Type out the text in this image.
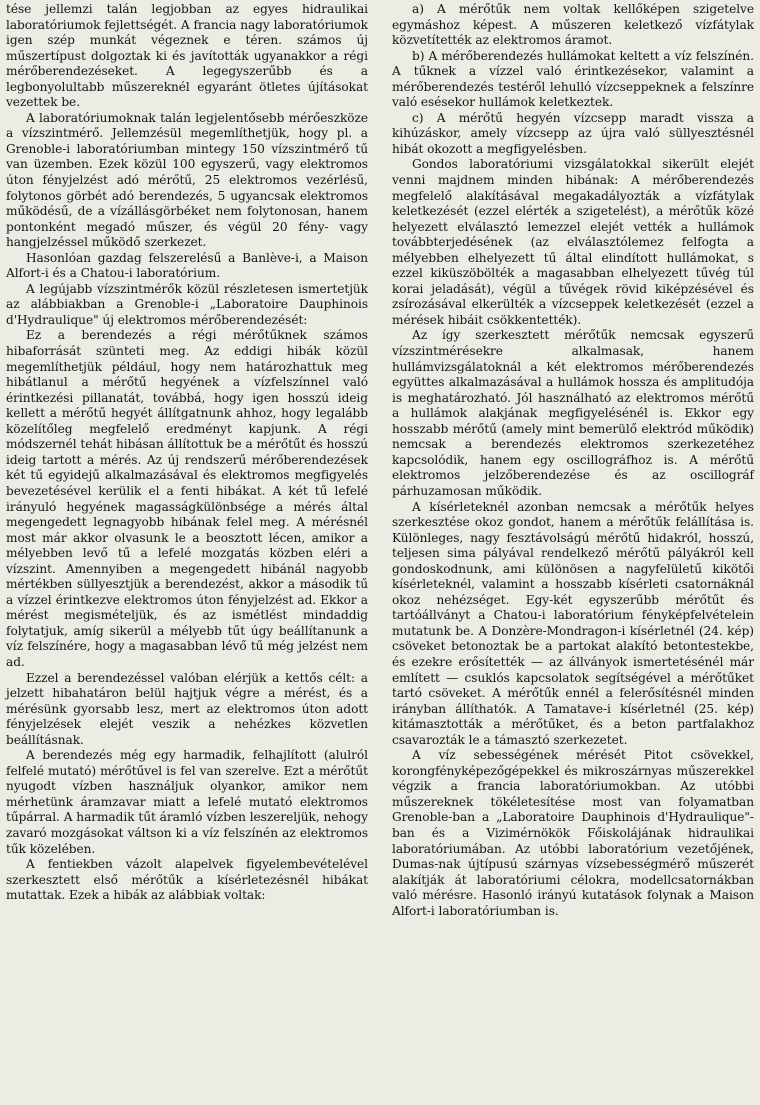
tése jellemzi talán legjobban az egyes hidraulikai laboratóriumok fejlettségét. A francia nagy laboratóriumok igen szép munkát végeznek e téren. számos új műszertípust dolgoztak ki és javították ugyanakkor a régi mérőberendezéseket. A legegyszerűbb és a legbonyolultabb műszereknél egyaránt ötletes újításokat vezettek be.

A laboratóriumoknak talán legjelentősebb mérőeszköze a vízszintmérő. Jellemzésül megemlíthetjük, hogy pl. a Grenoble-i laboratóriumban mintegy 150 vízszintmérő tű van üzemben. Ezek közül 100 egyszerű, vagy elektromos úton fényjelzést adó mérőtű, 25 elektromos vezérlésű, folytonos görbét adó berendezés, 5 ugyancsak elektromos működésű, de a vízállásgörbéket nem folytonosan, hanem pontonként megadó műszer, és végül 20 fény- vagy hangjelzéssel működő szerkezet.

Hasonlóan gazdag felszerelésű a Banlève-i, a Maison Alfort-i és a Chatou-i laboratórium.

A legújabb vízszintmérők közül részletesen ismertetjük az alábbiakban a Grenoble-i „Laboratoire Dauphinois d'Hydraulique" új elektromos mérőberendezését:

Ez a berendezés a régi mérőtűknek számos hibaforrását szünteti meg. Az eddigi hibák közül megemlíthetjük például, hogy nem határozhattuk meg hibátlanul a mérőtű hegyének a vízfelszínnel való érintkezési pillanatát, továbbá, hogy igen hosszú ideig kellett a mérőtű hegyét állítgatnunk ahhoz, hogy legalább közelítőleg megfelelő eredményt kapjunk. A régi módszernél tehát hibásan állítottuk be a mérőtűt és hosszú ideig tartott a mérés. Az új rendszerű mérőberendezések két tű egyidejű alkalmazásával és elektromos megfigyelés bevezetésével kerülik el a fenti hibákat. A két tű lefelé irányuló hegyének magasságkülönbsége a mérés által megengedett legnagyobb hibának felel meg. A mérésnél most már akkor olvasunk le a beosztott lécen, amikor a mélyebben levő tű a lefelé mozgatás közben eléri a vízszint. Amennyiben a megengedett hibánál nagyobb mértékben süllyesztjük a berendezést, akkor a második tű a vízzel érintkezve elektromos úton fényjelzést ad. Ekkor a mérést megismételjük, és az ismétlést mindaddig folytatjuk, amíg sikerül a mélyebb tűt úgy beállítanunk a víz felszínére, hogy a magasabban lévő tű még jelzést nem ad.

Ezzel a berendezéssel valóban elérjük a kettős célt: a jelzett hibahatáron belül hajtjuk végre a mérést, és a mérésünk gyorsabb lesz, mert az elektromos úton adott fényjelzések elejét veszik a nehézkes közvetlen beállításnak.

A berendezés még egy harmadik, felhajlított (alulról felfelé mutató) mérőtűvel is fel van szerelve. Ezt a mérőtűt nyugodt vízben használjuk olyankor, amikor nem mérhetünk áramzavar miatt a lefelé mutató elektromos tűpárral. A harmadik tűt áramló vízben leszereljük, nehogy zavaró mozgásokat váltson ki a víz felszínén az elektromos tűk közelében.

A fentiekben vázolt alapelvek figyelembevételével szerkesztett első mérőtűk a kísérletezésnél hibákat mutattak. Ezek a hibák az alábbiak voltak:

a) A mérőtűk nem voltak kellőképen szigetelve egymáshoz képest. A műszeren keletkező vízfátylak közvetítették az elektromos áramot.

b) A mérőberendezés hullámokat keltett a víz felszínén. A tűknek a vízzel való érintkezésekor, valamint a mérőberendezés testéről lehulló vízcseppeknek a felszínre való esésekor hullámok keletkeztek.

c) A mérőtű hegyén vízcsepp maradt vissza a kihúzáskor, amely vízcsepp az újra való süllyesztésnél hibát okozott a megfigyelésben.

Gondos laboratóriumi vizsgálatokkal sikerült elejét venni majdnem minden hibának: A mérőberendezés megfelelő alakításával megakadályozták a vízfátylak keletkezését (ezzel elérték a szigetelést), a mérőtűk közé helyezett elválasztó lemezzel elejét vették a hullámok továbbterjedésének (az elválasztólemez felfogta a mélyebben elhelyezett tű által elindított hullámokat, s ezzel kiküszöbölték a magasabban elhelyezett tűvég túl korai jeladását), végül a tűvégek rövid kiképzésével és zsírozásával elkerülték a vízcseppek keletkezését (ezzel a mérések hibáit csökkentették).

Az így szerkesztett mérőtűk nemcsak egyszerű vízszintmérésekre alkalmasak, hanem hullámvizsgálatoknál a két elektromos mérőberendezés együttes alkalmazásával a hullámok hossza és amplitudója is meghatározható. Jól használható az elektromos mérőtű a hullámok alakjának megfigyelésénél is. Ekkor egy hosszabb mérőtű (amely mint bemerülő elektród működik) nemcsak a berendezés elektromos szerkezetéhez kapcsolódik, hanem egy oscillográfhoz is. A mérőtű elektromos jelzőberendezése és az oscillográf párhuzamosan működik.

A kísérleteknél azonban nemcsak a mérőtűk helyes szerkesztése okoz gondot, hanem a mérőtűk felállítása is. Különleges, nagy fesztávolságú mérőtű hidakról, hosszú, teljesen sima pályával rendelkező mérőtű pályákról kell gondoskodnunk, ami különösen a nagyfelületű kikötői kísérleteknél, valamint a hosszabb kísérleti csatornáknál okoz nehézséget. Egy-két egyszerűbb mérőtűt és tartóállványt a Chatou-i laboratórium fényképfelvételein mutatunk be. A Donzère-Mondragon-i kísérletnél (24. kép) csöveket betonoztak be a partokat alakító betontestekbe, és ezekre erősítették — az állványok ismertetésénél már említett — csuklós kapcsolatok segítségével a mérőtűket tartó csöveket. A mérőtűk ennél a felerősítésnél minden irányban állíthatók. A Tamatave-i kísérletnél (25. kép) kitámasztották a mérőtűket, és a beton partfalakhoz csavarozták le a támasztó szerkezetet.

A víz sebességének mérését Pitot csövekkel, korongfényképezőgépekkel és mikroszárnyas műszerekkel végzik a francia laboratóriumokban. Az utóbbi műszereknek tökéletesítése most van folyamatban Grenoble-ban a „Laboratoire Dauphinois d'Hydraulique"-ban és a Vizimérnökök Főiskolájának hidraulikai laboratóriumában. Az utóbbi laboratórium vezetőjének, Dumas-nak újtípusú szárnyas vízsebességmérő műszerét alakítják át laboratóriumi célokra, modellcsatornákban való mérésre. Hasonló irányú kutatások folynak a Maison Alfort-i laboratóriumban is.
